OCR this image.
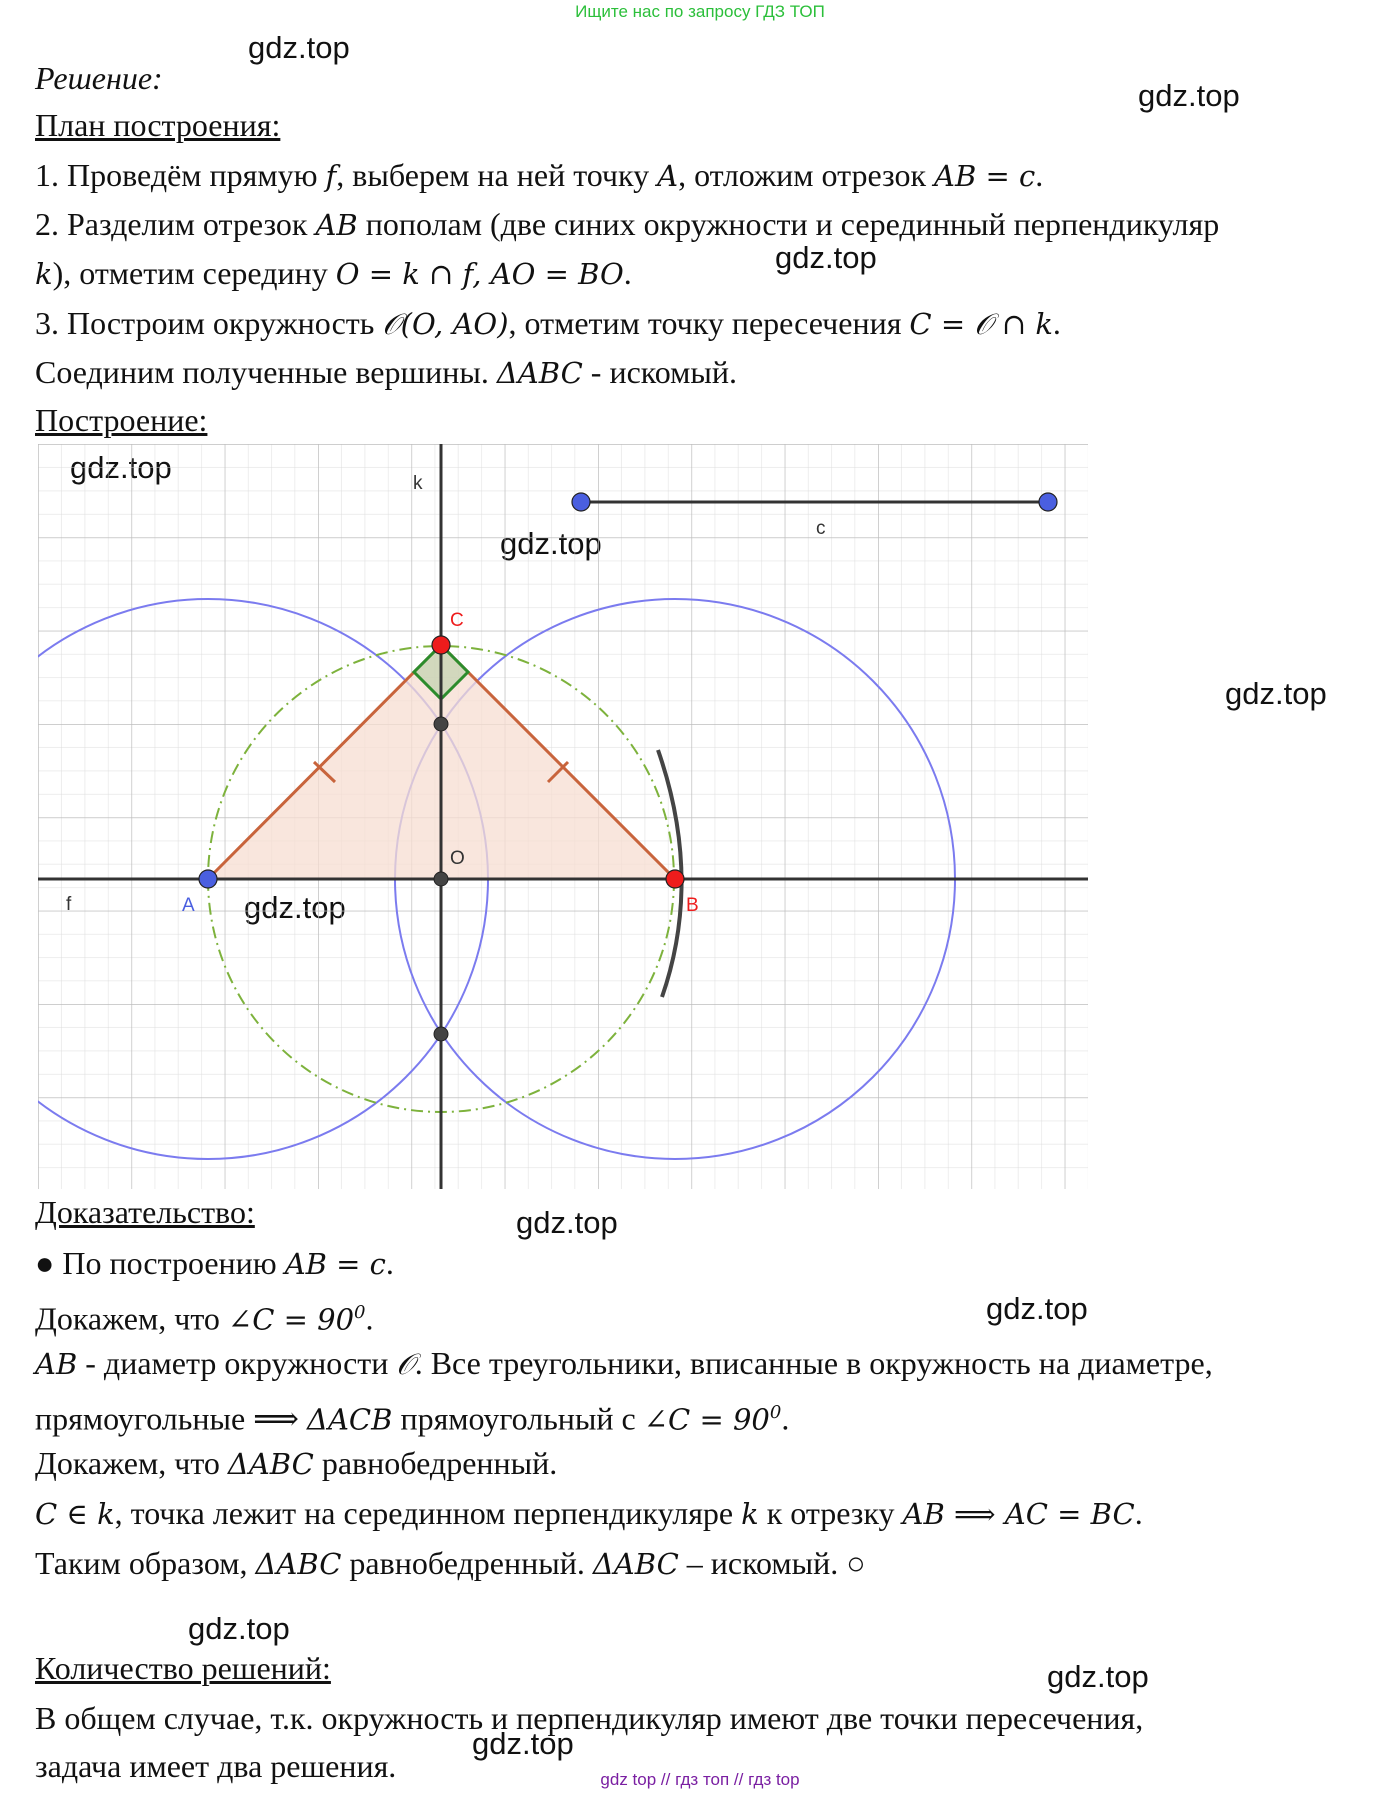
Ищите нас по запросу ГДЗ ТОП
gdz.top
gdz.top
gdz.top
gdz.top
gdz.top
gdz.top
gdz.top
gdz.top
gdz.top
Решение:
План построения:
1. Проведём прямую f, выберем на ней точку A, отложим отрезок AB = c.
2. Разделим отрезок AB пополам (две синих окружности и серединный перпендикуляр
k), отметим середину O = k ∩ f, AO = BO.
3. Построим окружность 𝒪(O, AO), отметим точку пересечения C = 𝒪 ∩ k.
Соединим полученные вершины. ΔABC - искомый.
Построение:
A	B
C
O
f
k
c
Доказательство:
● По построению AB = c.
Докажем, что ∠C = $90^0$.
AB - диаметр окружности 𝒪. Все треугольники, вписанные в окружность на диаметре,
прямоугольные ⟹ ΔACB прямоугольный с ∠C = $90^0$.
Докажем, что ΔABC равнобедренный.
C ∈ k, точка лежит на серединном перпендикуляре k к отрезку AB ⟹ AC = BC.
Таким образом, ΔABC равнобедренный. ΔABC – искомый. ○
Количество решений:
В общем случае, т.к. окружность и перпендикуляр имеют две точки пересечения,
задача имеет два решения.	gdz top // гдз топ // гдз top
